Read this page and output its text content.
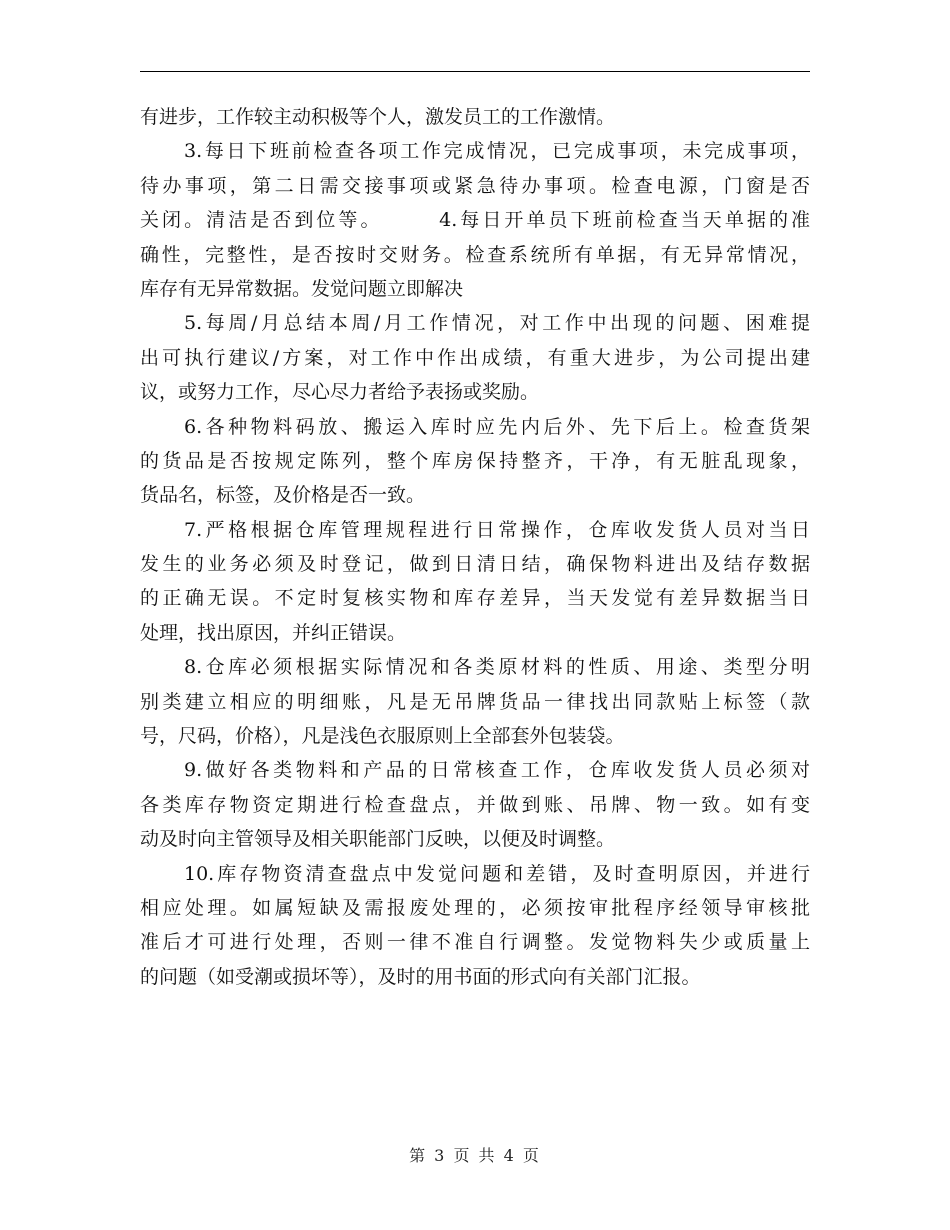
有进步，工作较主动积极等个人，激发员工的工作激情。
3.每日下班前检查各项工作完成情况，已完成事项，未完成事项，
待办事项，第二日需交接事项或紧急待办事项。检查电源，门窗是否
关闭。清洁是否到位等。　　　4.每日开单员下班前检查当天单据的准
确性，完整性，是否按时交财务。检查系统所有单据，有无异常情况，
库存有无异常数据。发觉问题立即解决
5.每周/月总结本周/月工作情况，对工作中出现的问题、困难提
出可执行建议/方案，对工作中作出成绩，有重大进步，为公司提出建
议，或努力工作，尽心尽力者给予表扬或奖励。
6.各种物料码放、搬运入库时应先内后外、先下后上。检查货架
的货品是否按规定陈列，整个库房保持整齐，干净，有无脏乱现象，
货品名，标签，及价格是否一致。
7.严格根据仓库管理规程进行日常操作，仓库收发货人员对当日
发生的业务必须及时登记，做到日清日结，确保物料进出及结存数据
的正确无误。不定时复核实物和库存差异，当天发觉有差异数据当日
处理，找出原因，并纠正错误。
8.仓库必须根据实际情况和各类原材料的性质、用途、类型分明
别类建立相应的明细账，凡是无吊牌货品一律找出同款贴上标签（款
号，尺码，价格），凡是浅色衣服原则上全部套外包装袋。
9.做好各类物料和产品的日常核查工作，仓库收发货人员必须对
各类库存物资定期进行检查盘点，并做到账、吊牌、物一致。如有变
动及时向主管领导及相关职能部门反映，以便及时调整。
10.库存物资清查盘点中发觉问题和差错，及时查明原因，并进行
相应处理。如属短缺及需报废处理的，必须按审批程序经领导审核批
准后才可进行处理，否则一律不准自行调整。发觉物料失少或质量上
的问题（如受潮或损坏等），及时的用书面的形式向有关部门汇报。
第 3 页 共 4 页
